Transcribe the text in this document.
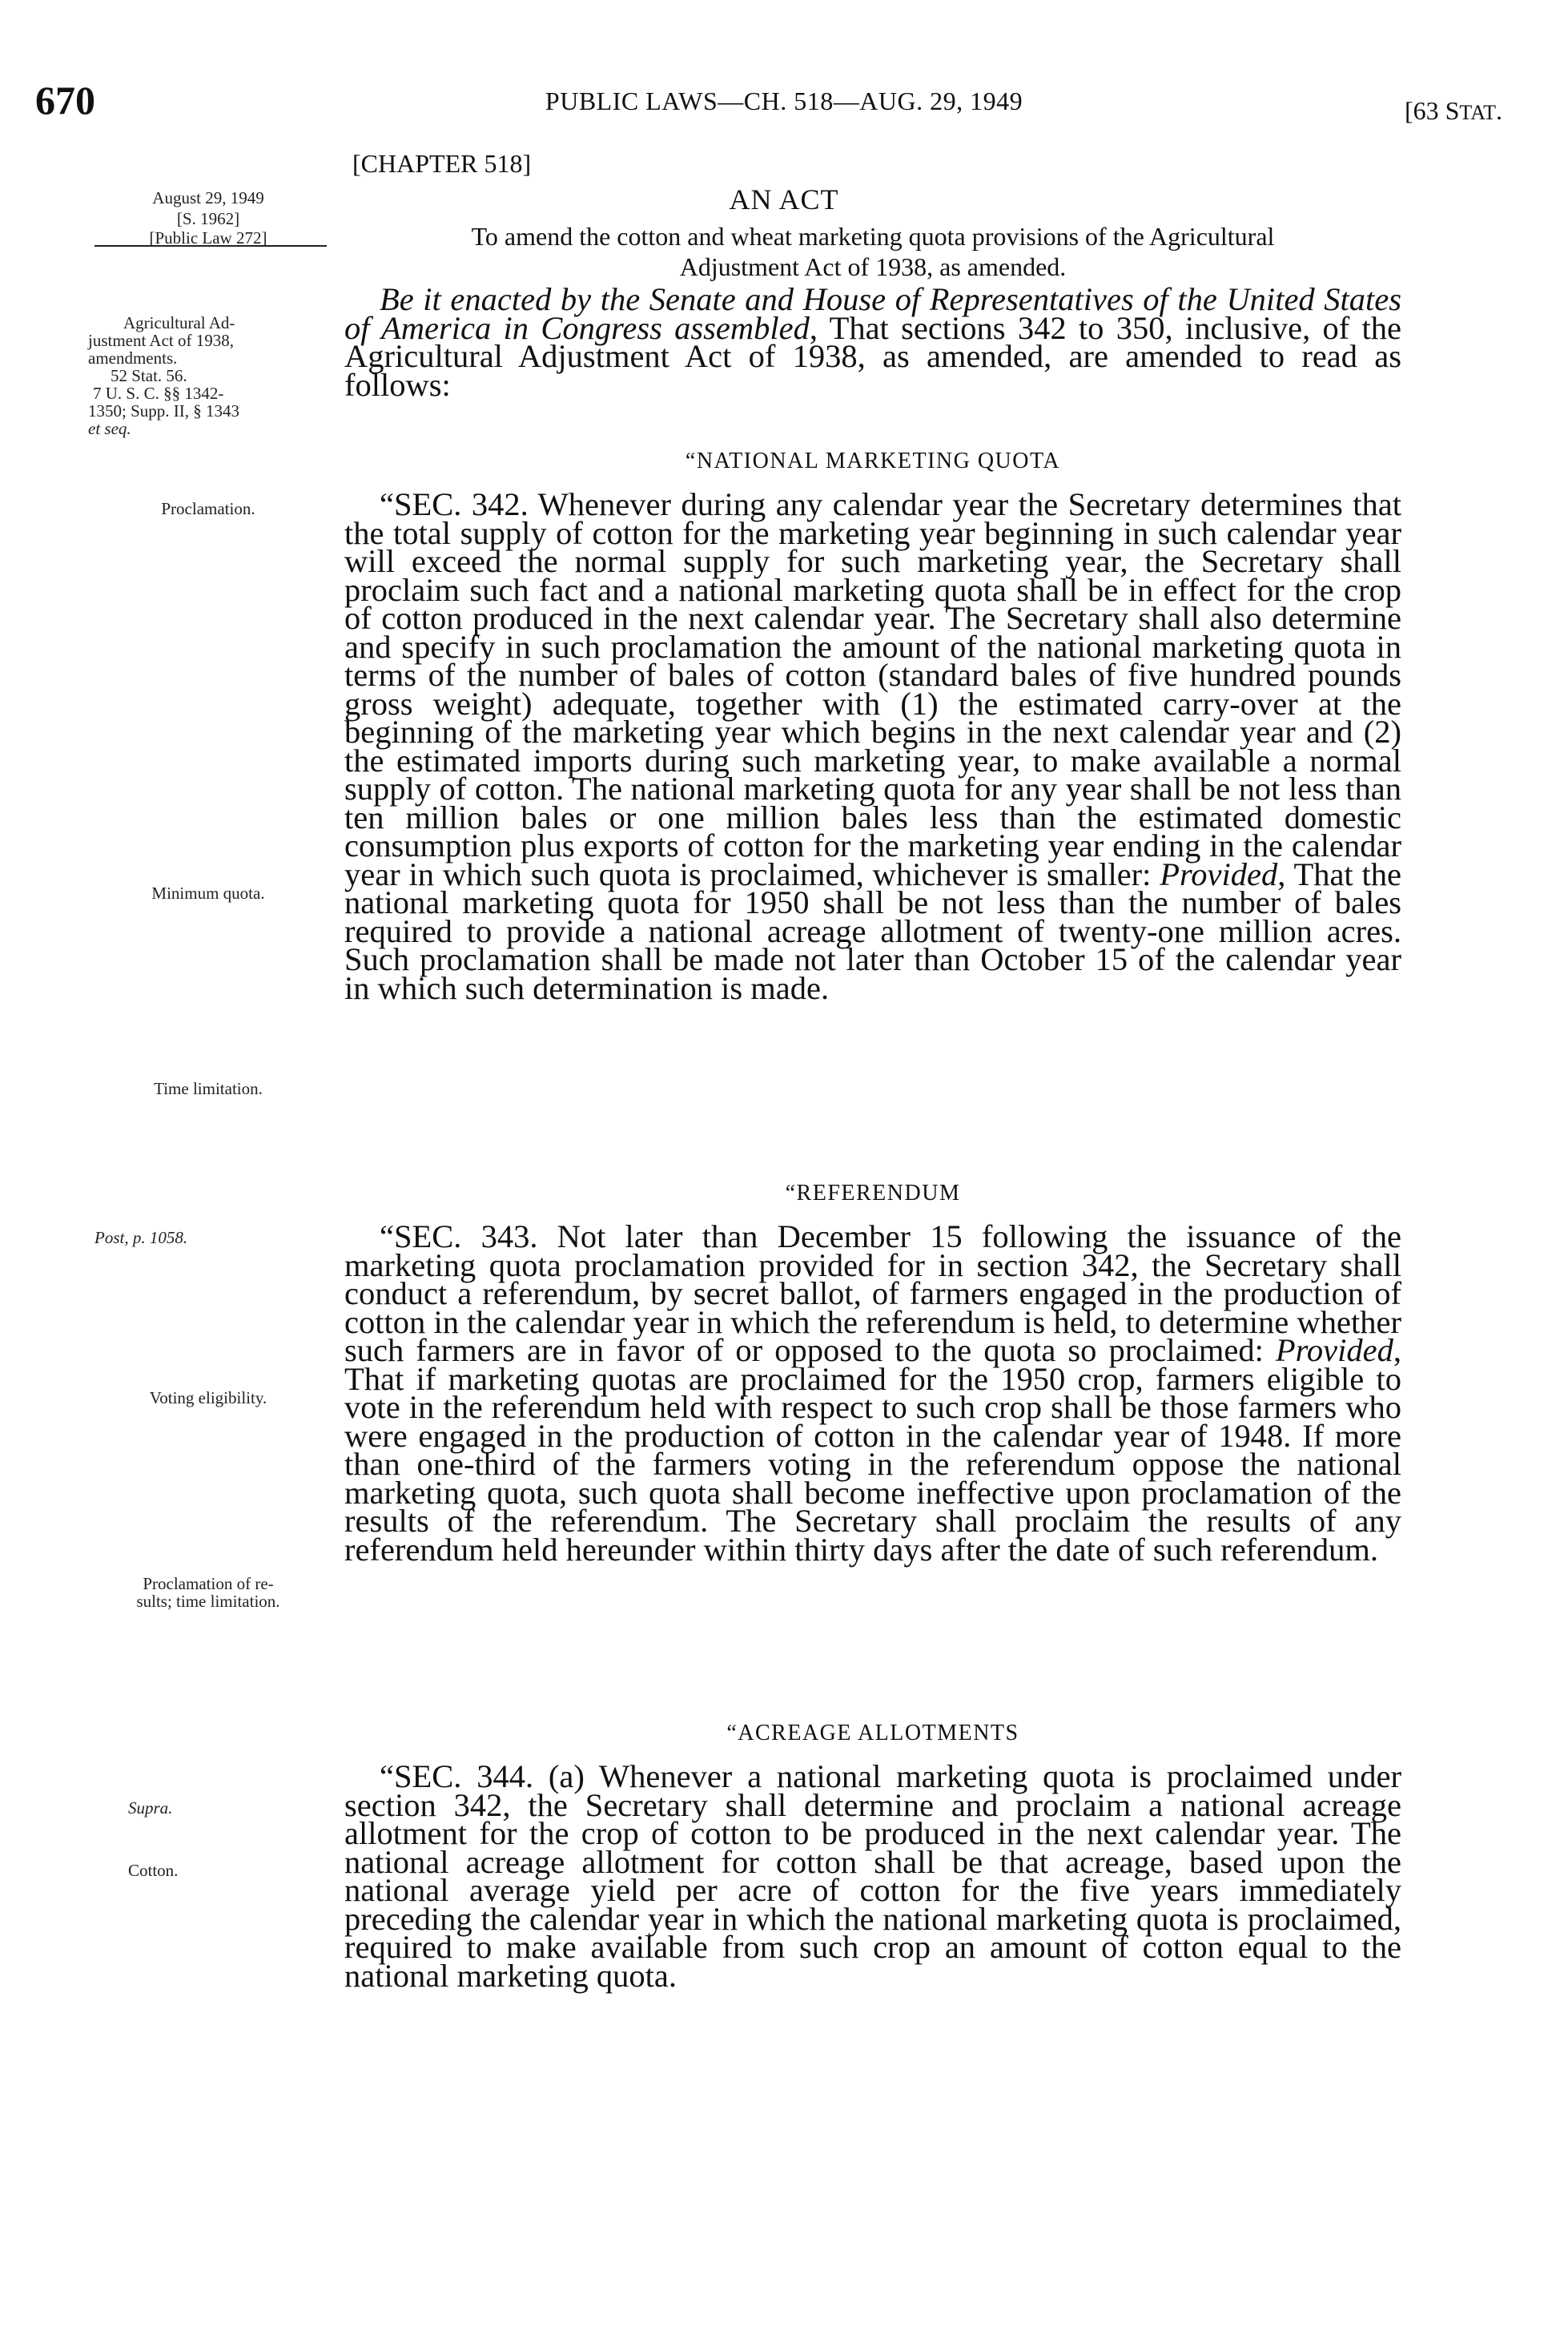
670	PUBLIC LAWS—CH. 518—AUG. 29, 1949	[63 STAT.
[CHAPTER 518]
AN ACT
To amend the cotton and wheat marketing quota provisions of the Agricultural
Adjustment Act of 1938, as amended.
August 29, 1949
[S. 1962]
[Public Law 272]
Agricultural Ad-
justment Act of 1938,
amendments.
52 Stat. 56.
7 U. S. C. §§ 1342-
1350; Supp. II, § 1343
et seq.
Proclamation.
Minimum quota.
Time limitation.
Post, p. 1058.
Voting eligibility.
Proclamation of re-
sults; time limitation.
Supra.
Cotton.
Be it enacted by the Senate and House of Representatives of the United States of America in Congress assembled, That sections 342 to 350, inclusive, of the Agricultural Adjustment Act of 1938, as amended, are amended to read as follows:
“NATIONAL MARKETING QUOTA
“SEC. 342. Whenever during any calendar year the Secretary determines that the total supply of cotton for the marketing year beginning in such calendar year will exceed the normal supply for such marketing year, the Secretary shall proclaim such fact and a national marketing quota shall be in effect for the crop of cotton produced in the next calendar year. The Secretary shall also determine and specify in such proclamation the amount of the national marketing quota in terms of the number of bales of cotton (standard bales of five hundred pounds gross weight) adequate, together with (1) the estimated carry-over at the beginning of the marketing year which begins in the next calendar year and (2) the estimated imports during such marketing year, to make available a normal supply of cotton. The national marketing quota for any year shall be not less than ten million bales or one million bales less than the estimated domestic consumption plus exports of cotton for the marketing year ending in the calendar year in which such quota is proclaimed, whichever is smaller: Provided, That the national marketing quota for 1950 shall be not less than the number of bales required to provide a national acreage allotment of twenty-one million acres. Such proclamation shall be made not later than October 15 of the calendar year in which such determination is made.
“REFERENDUM
“SEC. 343. Not later than December 15 following the issuance of the marketing quota proclamation provided for in section 342, the Secretary shall conduct a referendum, by secret ballot, of farmers engaged in the production of cotton in the calendar year in which the referendum is held, to determine whether such farmers are in favor of or opposed to the quota so proclaimed: Provided, That if marketing quotas are proclaimed for the 1950 crop, farmers eligible to vote in the referendum held with respect to such crop shall be those farmers who were engaged in the production of cotton in the calendar year of 1948. If more than one-third of the farmers voting in the referendum oppose the national marketing quota, such quota shall become ineffective upon proclamation of the results of the referendum. The Secretary shall proclaim the results of any referendum held hereunder within thirty days after the date of such referendum.
“ACREAGE ALLOTMENTS
“SEC. 344. (a) Whenever a national marketing quota is proclaimed under section 342, the Secretary shall determine and proclaim a national acreage allotment for the crop of cotton to be produced in the next calendar year. The national acreage allotment for cotton shall be that acreage, based upon the national average yield per acre of cotton for the five years immediately preceding the calendar year in which the national marketing quota is proclaimed, required to make available from such crop an amount of cotton equal to the national marketing quota.
